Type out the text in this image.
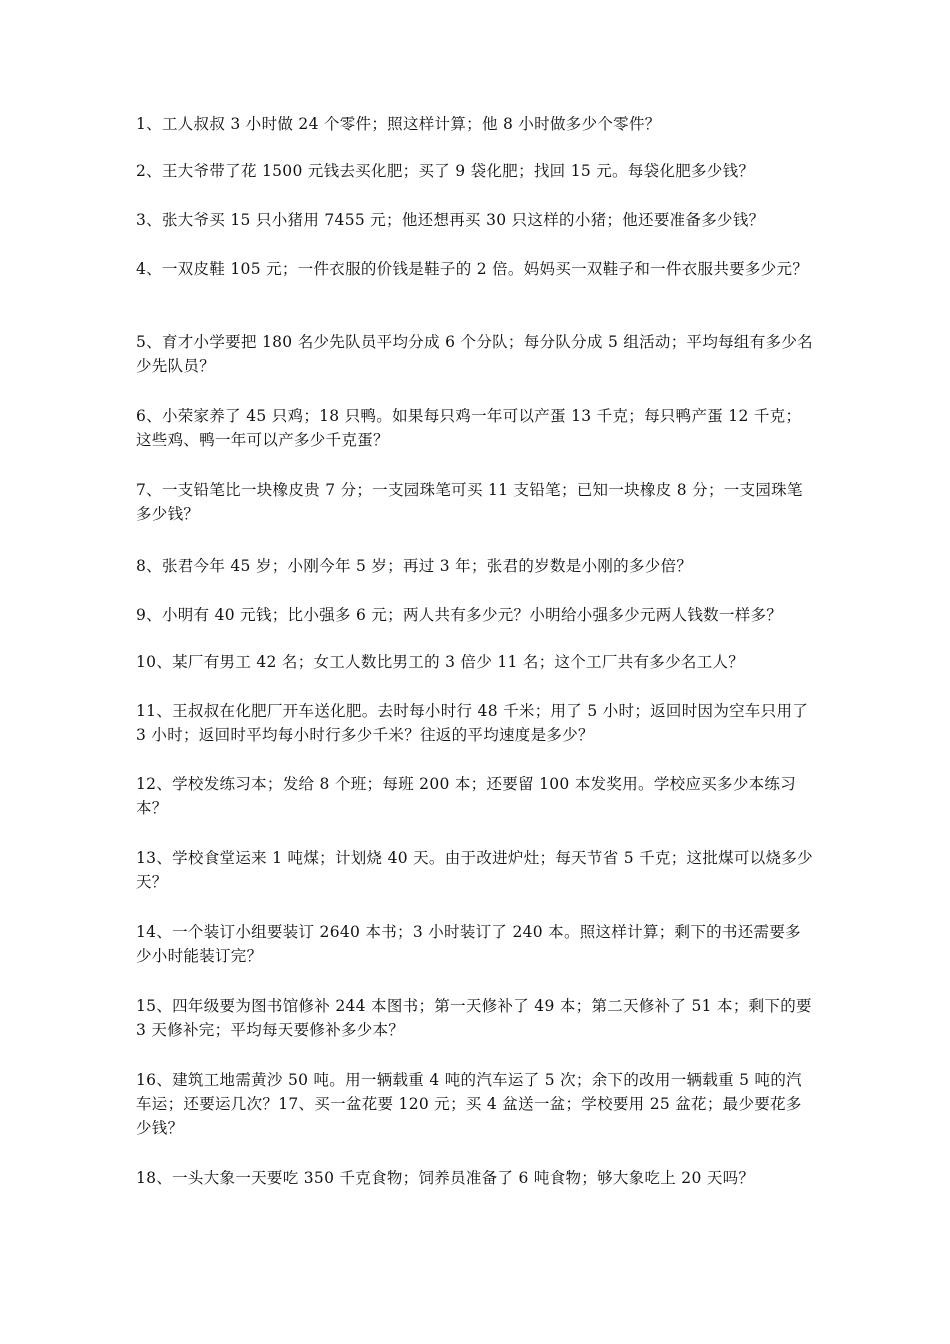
1、工人叔叔 3 小时做 24 个零件；照这样计算；他 8 小时做多少个零件？

2、王大爷带了花 1500 元钱去买化肥；买了 9 袋化肥；找回 15 元。每袋化肥多少钱？

3、张大爷买 15 只小猪用 7455 元；他还想再买 30 只这样的小猪；他还要准备多少钱？

4、一双皮鞋 105 元；一件衣服的价钱是鞋子的 2 倍。妈妈买一双鞋子和一件衣服共要多少元？

5、育才小学要把 180 名少先队员平均分成 6 个分队；每分队分成 5 组活动；平均每组有多少名少先队员？

6、小荣家养了 45 只鸡；18 只鸭。如果每只鸡一年可以产蛋 13 千克；每只鸭产蛋 12 千克；这些鸡、鸭一年可以产多少千克蛋？

7、一支铅笔比一块橡皮贵 7 分；一支园珠笔可买 11 支铅笔；已知一块橡皮 8 分；一支园珠笔多少钱？

8、张君今年 45 岁；小刚今年 5 岁；再过 3 年；张君的岁数是小刚的多少倍？

9、小明有 40 元钱；比小强多 6 元；两人共有多少元？小明给小强多少元两人钱数一样多？

10、某厂有男工 42 名；女工人数比男工的 3 倍少 11 名；这个工厂共有多少名工人？

11、王叔叔在化肥厂开车送化肥。去时每小时行 48 千米；用了 5 小时；返回时因为空车只用了 3 小时；返回时平均每小时行多少千米？往返的平均速度是多少？

12、学校发练习本；发给 8 个班；每班 200 本；还要留 100 本发奖用。学校应买多少本练习本？

13、学校食堂运来 1 吨煤；计划烧 40 天。由于改进炉灶；每天节省 5 千克；这批煤可以烧多少天？

14、一个装订小组要装订 2640 本书；3 小时装订了 240 本。照这样计算；剩下的书还需要多少小时能装订完？

15、四年级要为图书馆修补 244 本图书；第一天修补了 49 本；第二天修补了 51 本；剩下的要 3 天修补完；平均每天要修补多少本？

16、建筑工地需黄沙 50 吨。用一辆载重 4 吨的汽车运了 5 次；余下的改用一辆载重 5 吨的汽车运；还要运几次？17、买一盆花要 120 元；买 4 盆送一盆；学校要用 25 盆花；最少要花多少钱？

18、一头大象一天要吃 350 千克食物；饲养员准备了 6 吨食物；够大象吃上 20 天吗？
